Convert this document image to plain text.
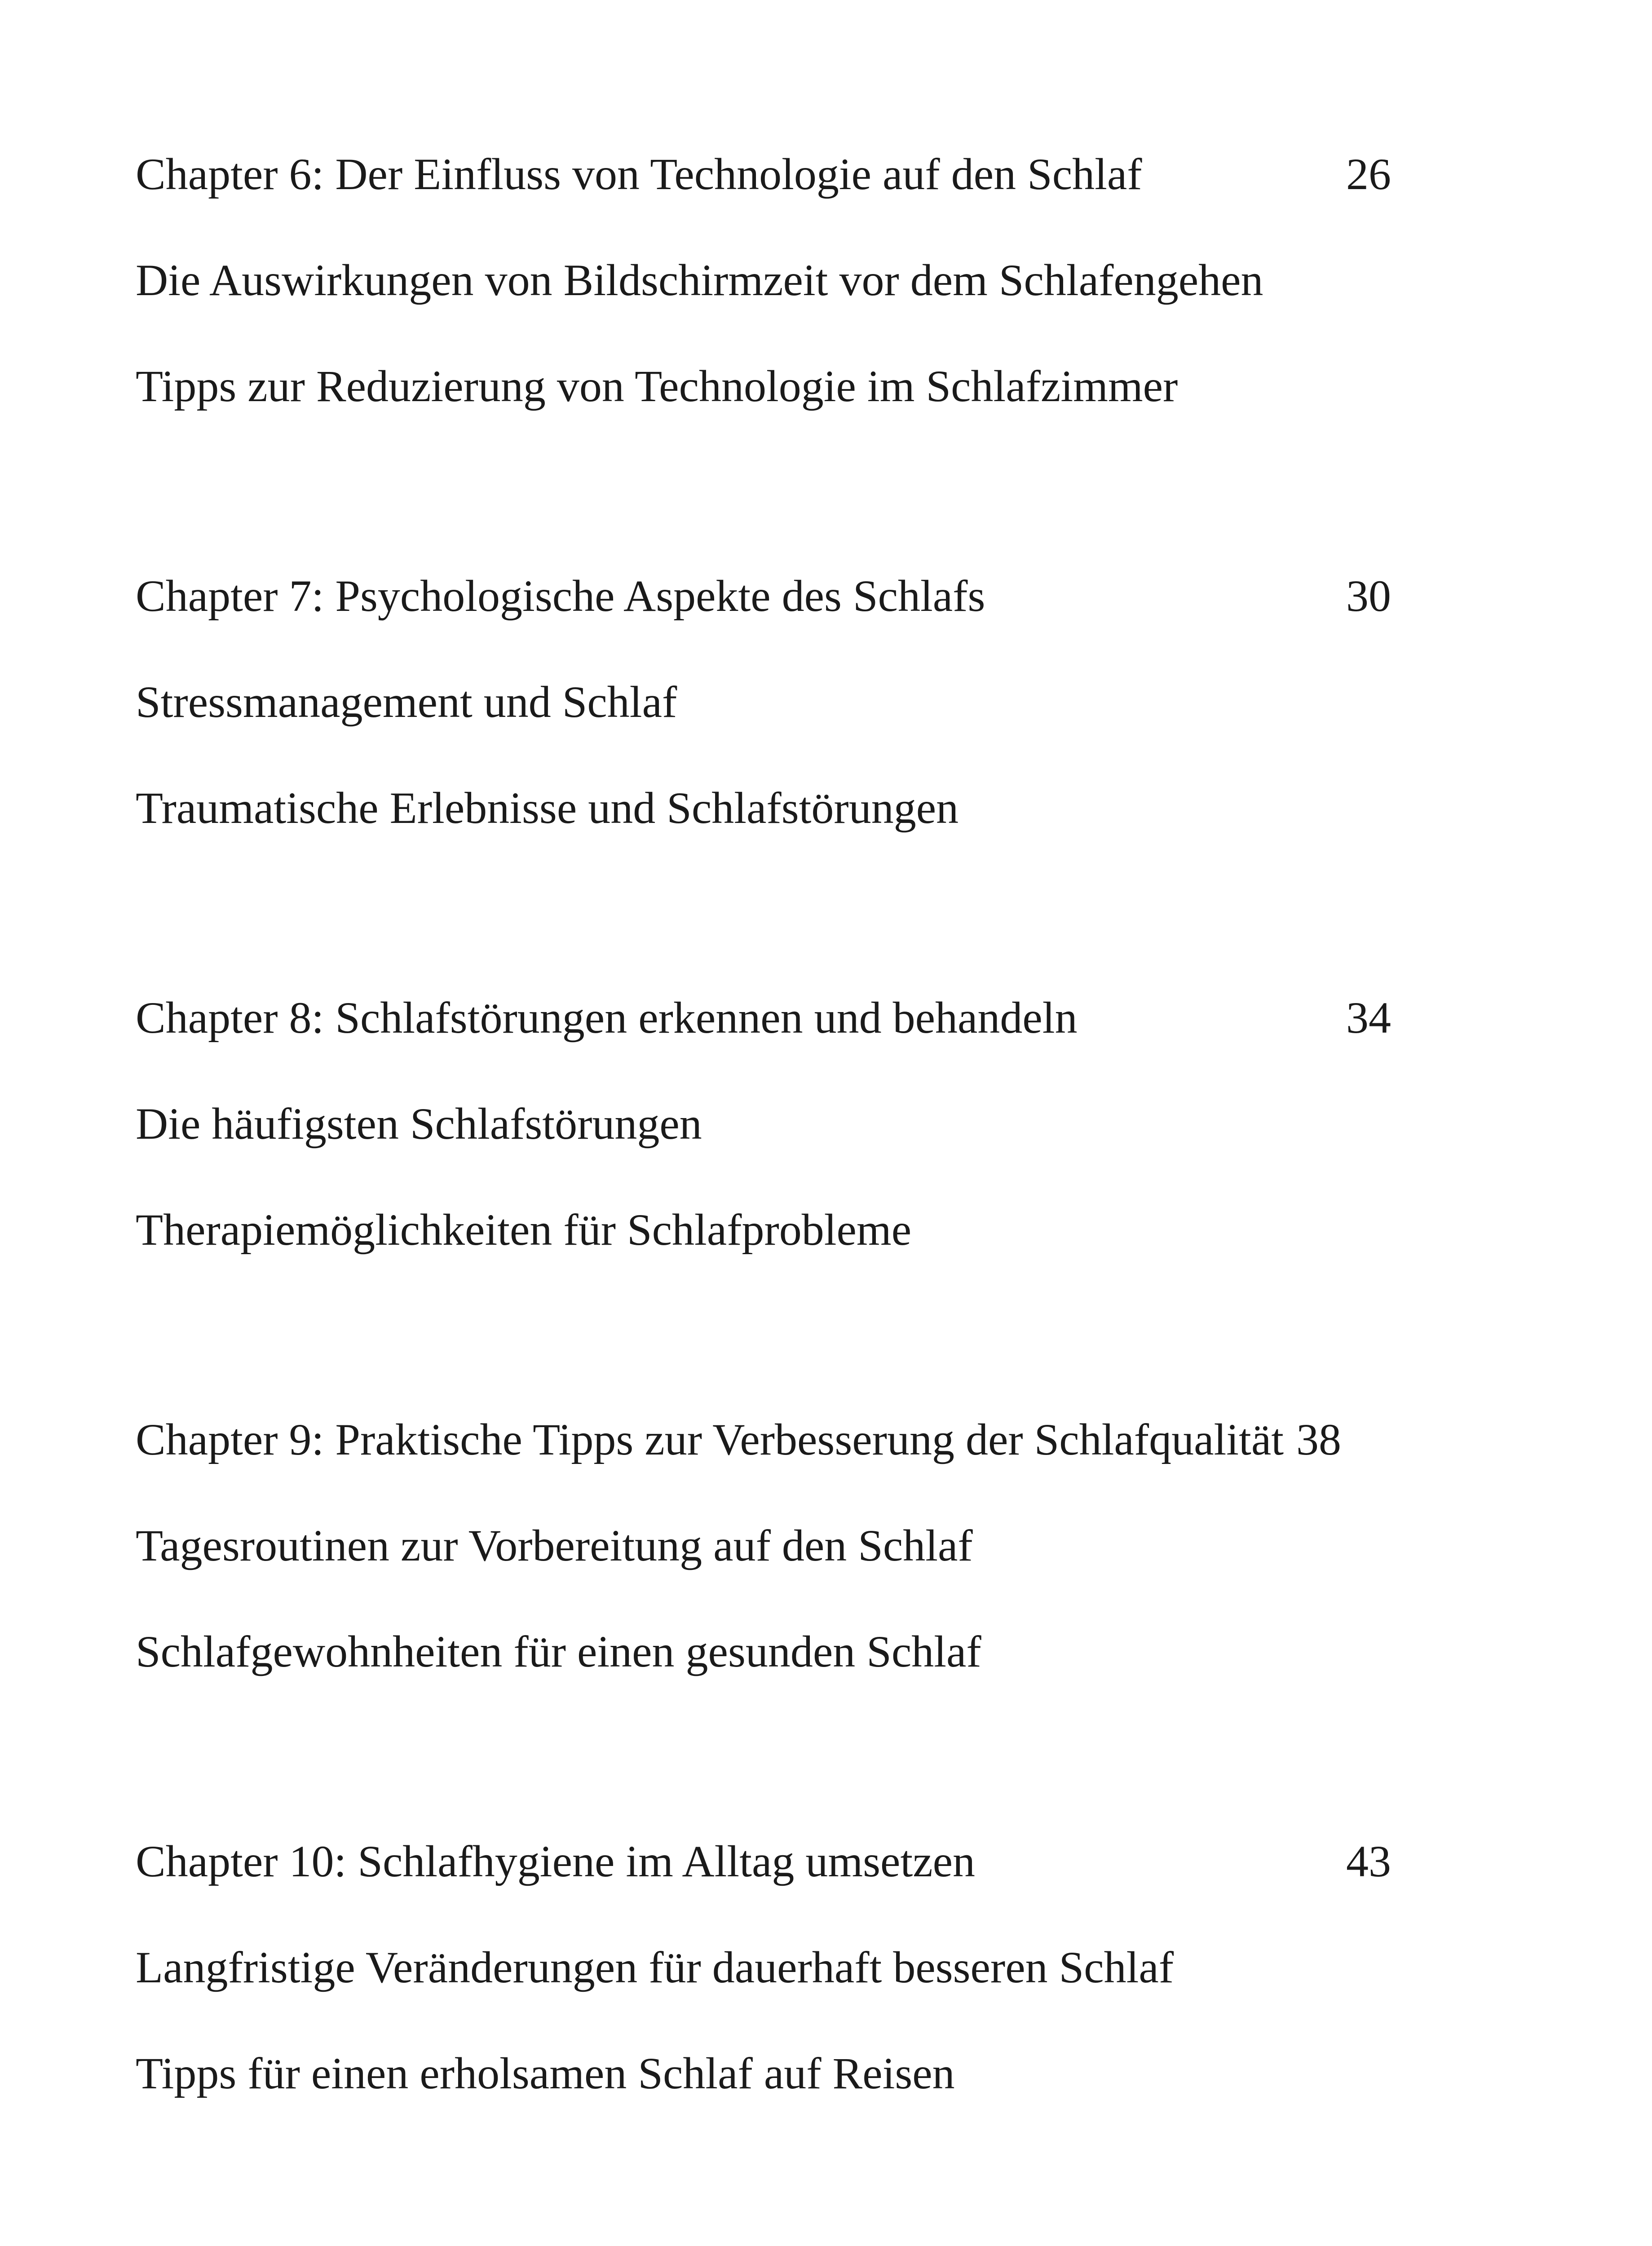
Chapter 6: Der Einfluss von Technologie auf den Schlaf	26
Die Auswirkungen von Bildschirmzeit vor dem Schlafengehen
Tipps zur Reduzierung von Technologie im Schlafzimmer
Chapter 7: Psychologische Aspekte des Schlafs	30
Stressmanagement und Schlaf
Traumatische Erlebnisse und Schlafstörungen
Chapter 8: Schlafstörungen erkennen und behandeln	34
Die häufigsten Schlafstörungen
Therapiemöglichkeiten für Schlafprobleme
Chapter 9: Praktische Tipps zur Verbesserung der Schlafqualität 38
Tagesroutinen zur Vorbereitung auf den Schlaf
Schlafgewohnheiten für einen gesunden Schlaf
Chapter 10: Schlafhygiene im Alltag umsetzen	43
Langfristige Veränderungen für dauerhaft besseren Schlaf
Tipps für einen erholsamen Schlaf auf Reisen
